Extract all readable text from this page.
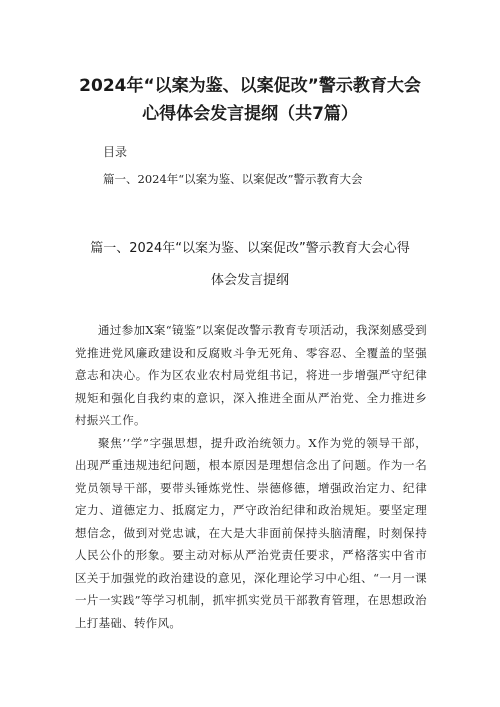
2024年“以案为鉴、以案促改”警示教育大会
心得体会发言提纲（共7篇）
目录
篇一、2024年“以案为鉴、以案促改”警示教育大会
篇一、2024年“以案为鉴、以案促改”警示教育大会心得
体会发言提纲

通过参加X案“镜鉴”以案促改警示教育专项活动，我深刻感受到党推进党风廉政建设和反腐败斗争无死角、零容忍、全覆盖的坚强意志和决心。作为区农业农村局党组书记，将进一步增强严守纪律规矩和强化自我约束的意识，深入推进全面从严治党、全力推进乡村振兴工作。

聚焦’‘学”字强思想，提升政治统领力。X作为党的领导干部，出现严重违规违纪问题，根本原因是理想信念出了问题。作为一名党员领导干部，要带头锤炼党性、崇德修德，增强政治定力、纪律定力、道德定力、抵腐定力，严守政治纪律和政治规矩。要坚定理想信念，做到对党忠诚，在大是大非面前保持头脑清醒，时刻保持人民公仆的形象。要主动对标从严治党责任要求，严格落实中省市区关于加强党的政治建设的意见，深化理论学习中心组、“一月一课一片一实践”等学习机制，抓牢抓实党员干部教育管理，在思想政治上打基础、转作风。
